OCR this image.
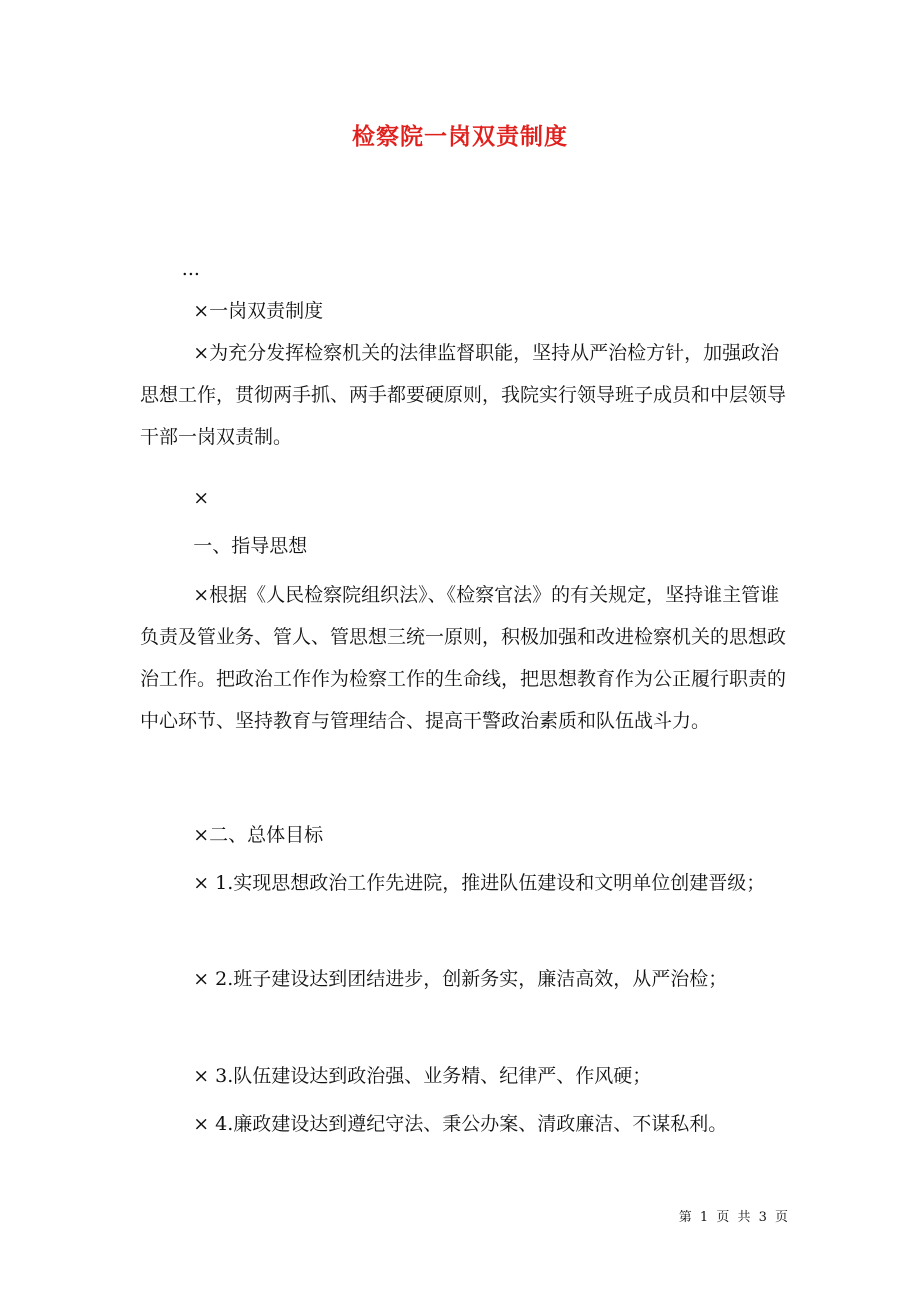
检察院一岗双责制度
...
×一岗双责制度
×为充分发挥检察机关的法律监督职能，坚持从严治检方针，加强政治思想工作，贯彻两手抓、两手都要硬原则，我院实行领导班子成员和中层领导干部一岗双责制。
×
一、指导思想
×根据《人民检察院组织法》、《检察官法》的有关规定，坚持谁主管谁负责及管业务、管人、管思想三统一原则，积极加强和改进检察机关的思想政治工作。把政治工作作为检察工作的生命线，把思想教育作为公正履行职责的中心环节、坚持教育与管理结合、提高干警政治素质和队伍战斗力。
×二、总体目标
× 1.实现思想政治工作先进院，推进队伍建设和文明单位创建晋级；
× 2.班子建设达到团结进步，创新务实，廉洁高效，从严治检；
× 3.队伍建设达到政治强、业务精、纪律严、作风硬；
× 4.廉政建设达到遵纪守法、秉公办案、清政廉洁、不谋私利。
第 1 页 共 3 页
